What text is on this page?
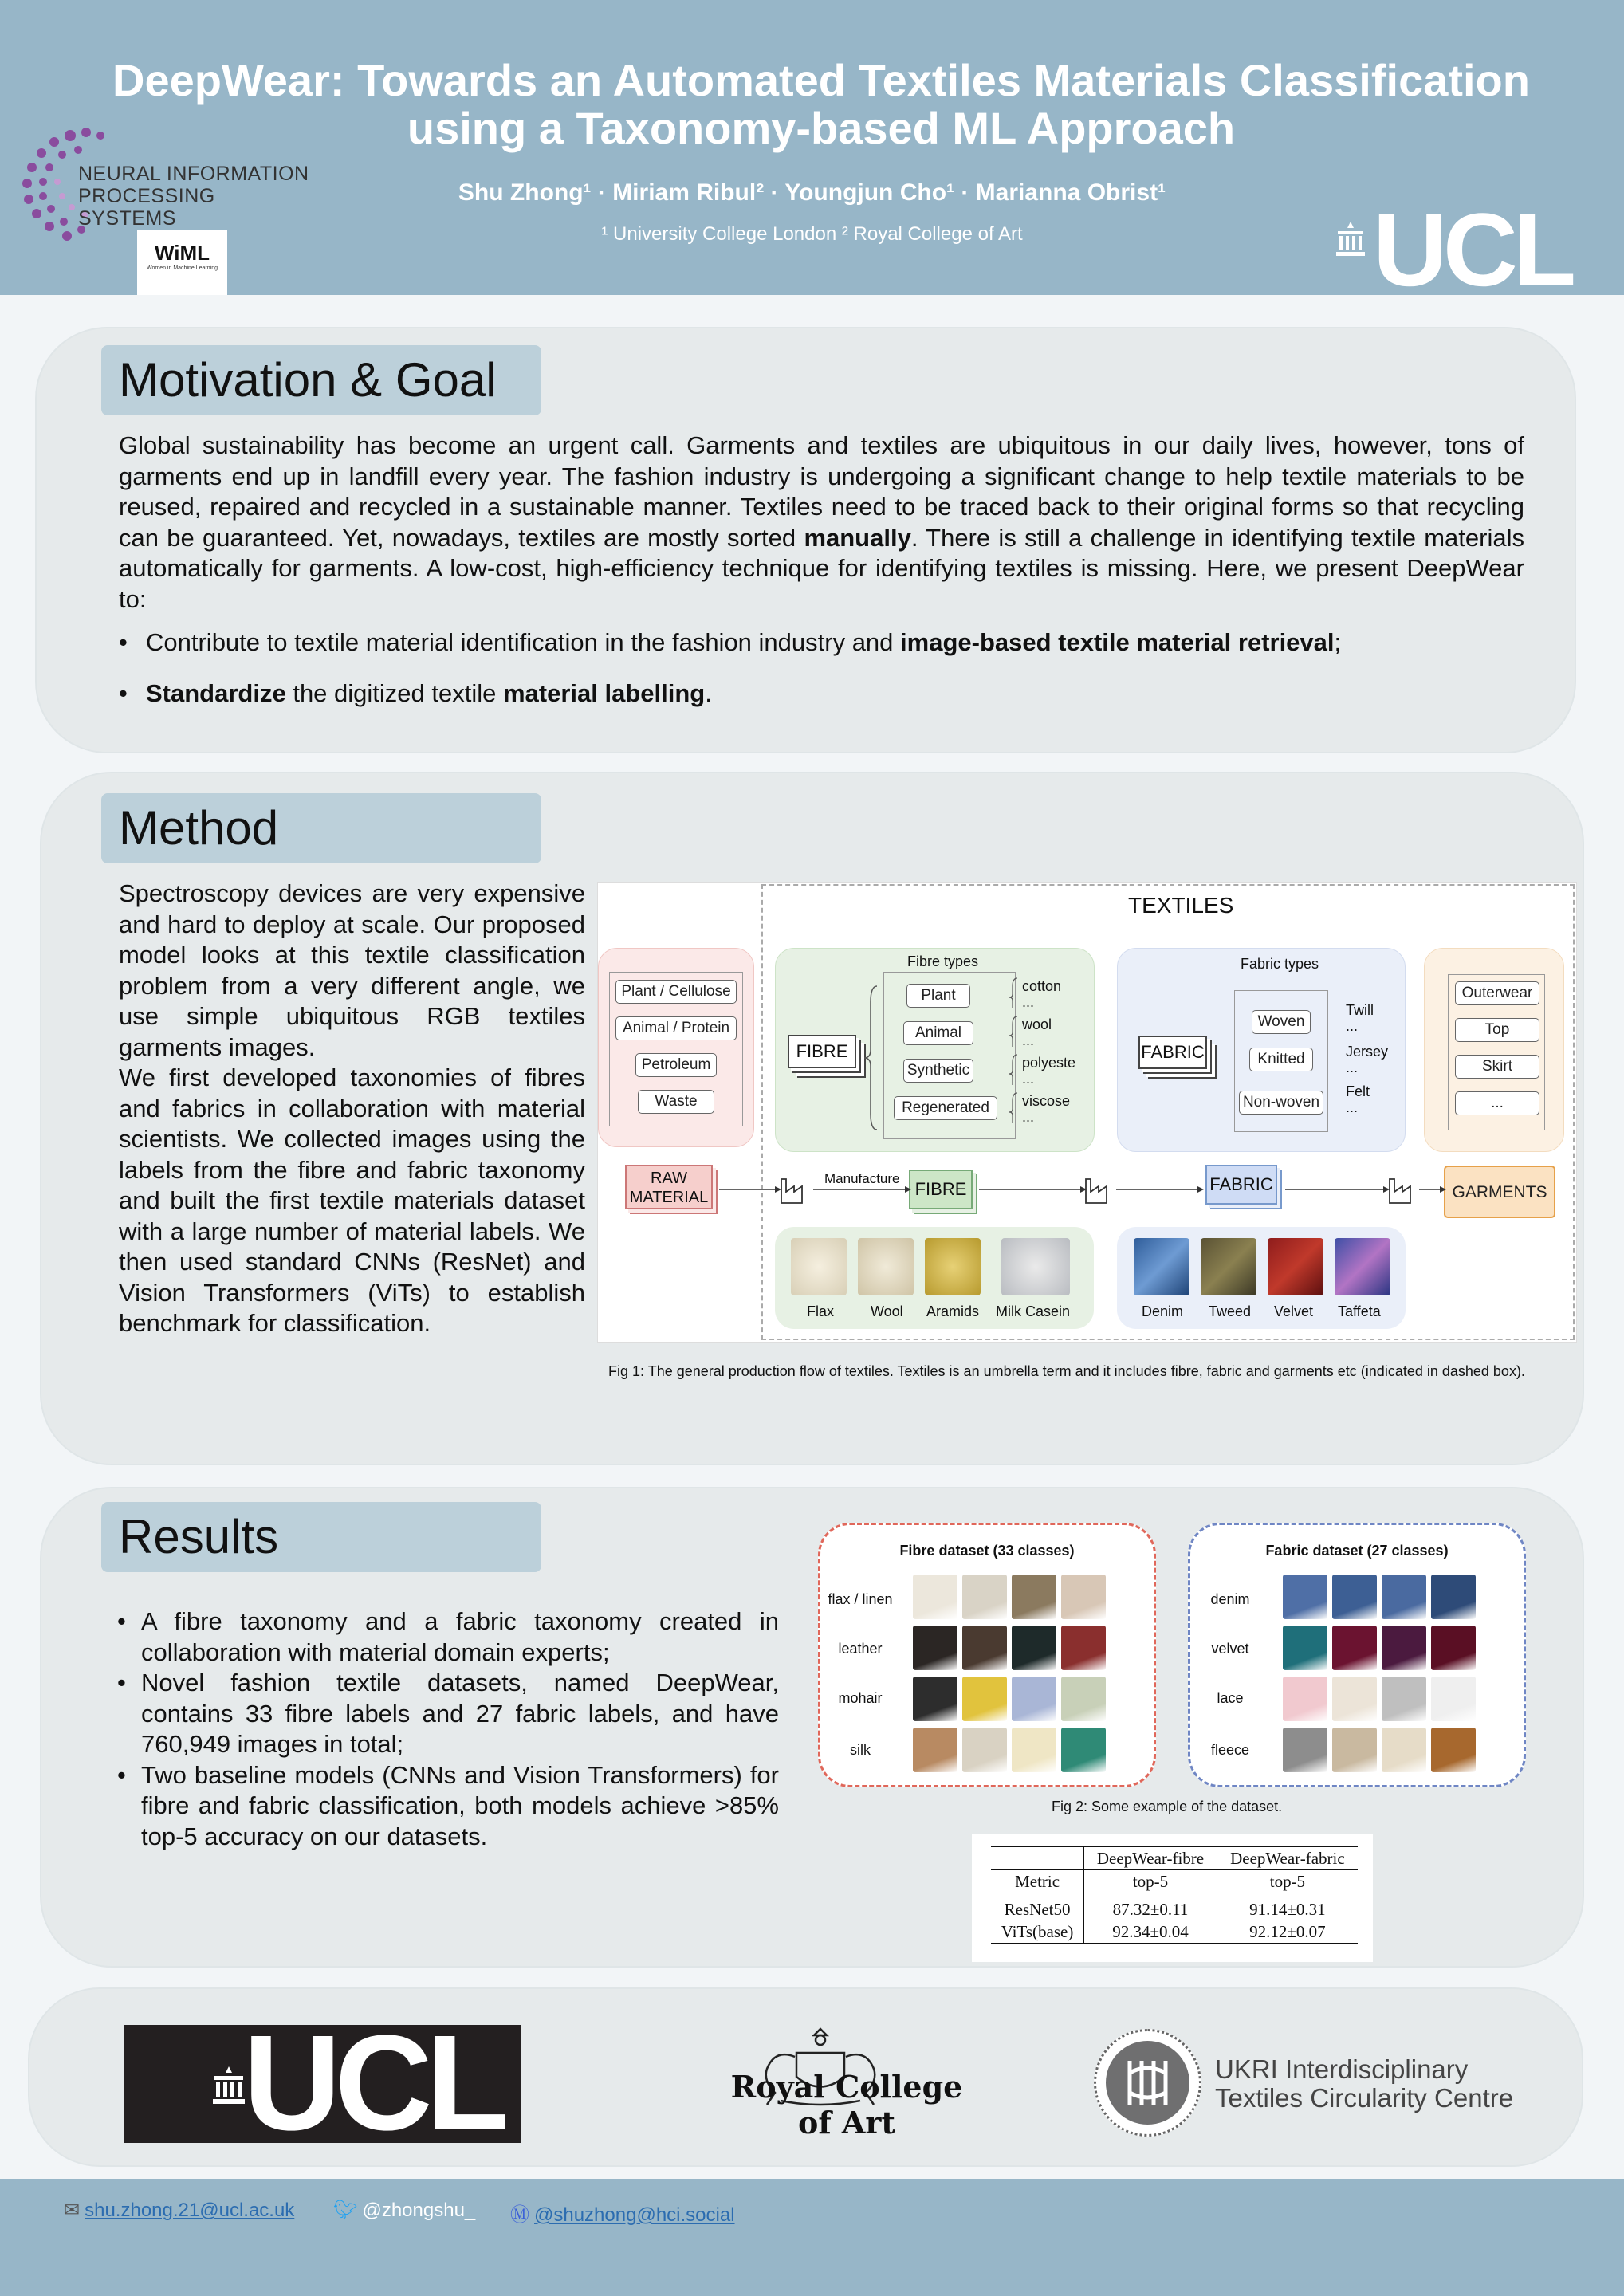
DeepWear: Towards an Automated Textiles Materials Classification
using a Taxonomy-based ML Approach
Shu Zhong¹ · Miriam Ribul² · Youngjun Cho¹ · Marianna Obrist¹
¹ University College London ² Royal College of Art
NEURAL INFORMATION PROCESSING SYSTEMS
WiML
Women in Machine Learning	UCL
Motivation & Goal
Global sustainability has become an urgent call. Garments and textiles are ubiquitous in our daily lives, however, tons of garments end up in landfill every year. The fashion industry is undergoing a significant change to help textile materials to be reused, repaired and recycled in a sustainable manner. Textiles need to be traced back to their original forms so that recycling can be guaranteed. Yet, nowadays, textiles are mostly sorted manually. There is still a challenge in identifying textile materials automatically for garments. A low-cost, high-efficiency technique for identifying textiles is missing. Here, we present DeepWear to:
• Contribute to textile material identification in the fashion industry and image-based textile material retrieval;
• Standardize the digitized textile material labelling.
Method
Spectroscopy devices are very expensive and hard to deploy at scale. Our proposed model looks at this textile classification problem from a very different angle, we use simple ubiquitous RGB textiles garments images.
We first developed taxonomies of fibres and fabrics in collaboration with material scientists. We collected images using the labels from the fibre and fabric taxonomy and built the first textile materials dataset with a large number of material labels. We then used standard CNNs (ResNet) and Vision Transformers (ViTs) to establish benchmark for classification.
TEXTILES
Plant / Cellulose
Animal / Protein
Petroleum
Waste
Fibre types
FIBRE
Plant
Animal
Synthetic
Regenerated
cotton
...
wool
...
polyeste
...
viscose
...
Fabric types
FABRIC
Woven
Knitted
Non-woven
Twill
...
Jersey
...
Felt
...
Outerwear
Top
Skirt
...
RAW MATERIAL
Manufacture
FIBRE	FABRIC	GARMENTS
Flax	Wool Aramids Milk Casein	Denim Tweed Velvet Taffeta
Fig 1: The general production flow of textiles. Textiles is an umbrella term and it includes fibre, fabric and garments etc (indicated in dashed box).
Results
• A fibre taxonomy and a fabric taxonomy created in collaboration with material domain experts;
• Novel fashion textile datasets, named DeepWear, contains 33 fibre labels and 27 fabric labels, and have 760,949 images in total;
• Two baseline models (CNNs and Vision Transformers) for fibre and fabric classification, both models achieve >85% top-5 accuracy on our datasets.
Fibre dataset (33 classes)
flax / linen
leather
mohair
silk
Fabric dataset (27 classes)
denim
velvet
lace
fleece
Fig 2: Some example of the dataset.
	DeepWear-fibre	DeepWear-fabric
Metric	top-5	top-5
ResNet50	87.32±0.11	91.14±0.31
ViTs(base)	92.34±0.04	92.12±0.07
UCL	Royal College of Art
UKRI Interdisciplinary
Textiles Circularity Centre
✉ shu.zhong.21@ucl.ac.uk 🐦︎ @zhongshu_ Ⓜ @shuzhong@hci.social
